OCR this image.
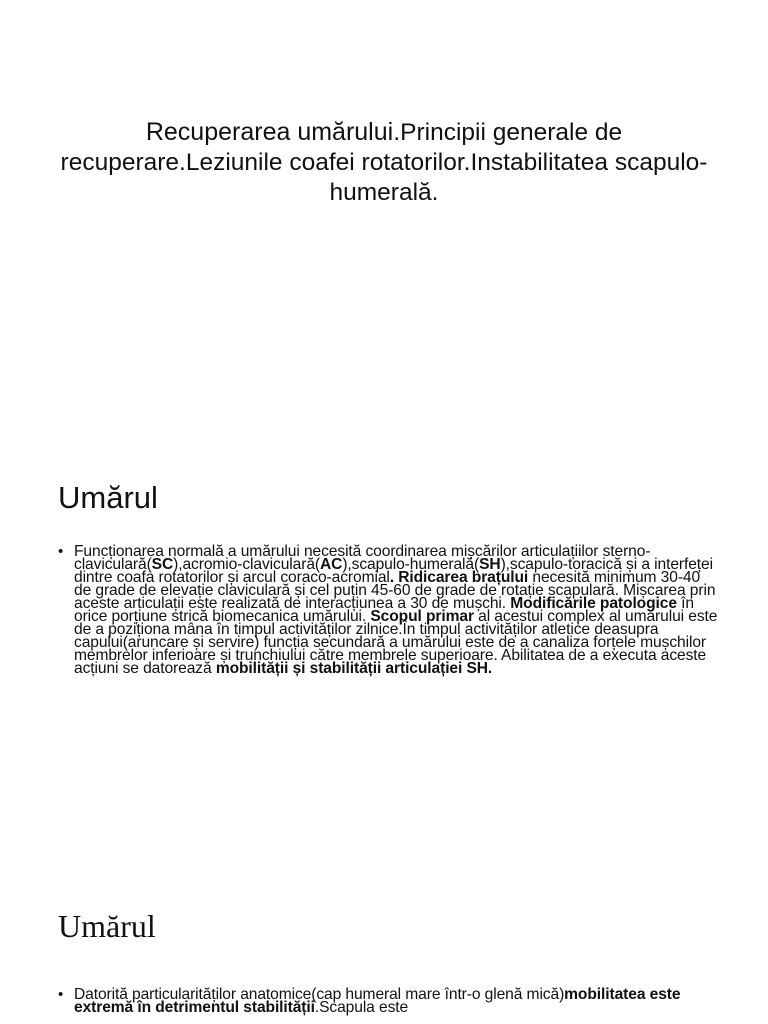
Recuperarea umărului.Principii generale de recuperare.Leziunile coafei rotatorilor.Instabilitatea scapulo-humerală.
Umărul
• Funcționarea normală a umărului necesită coordinarea mișcărilor articulațiilor sterno-claviculară(SC),acromio-claviculară(AC),scapulo-humerală(SH),scapulo-toracică și a interfeței dintre coafa rotatorilor și arcul coraco-acromial. Ridicarea brațului necesită minimum 30-40 de grade de elevație claviculară și cel puțin 45-60 de grade de rotație scapulară. Mișcarea prin aceste articulații este realizată de interacțiunea a 30 de mușchi. Modificările patologice în orice porțiune strică biomecanica umărului. Scopul primar al acestui complex al umărului este de a poziționa mâna în timpul activităților zilnice.În timpul activităților atletice deasupra capului(aruncare și servire) funcția secundară a umărului este de a canaliza forțele mușchilor membrelor inferioare și trunchiului către membrele superioare. Abilitatea de a executa aceste acțiuni se datorează mobilității și stabilității articulației SH.
Umărul
• Datorită particularităților anatomice(cap humeral mare într-o glenă mică)mobilitatea este extremă în detrimentul stabilității.Scapula este
